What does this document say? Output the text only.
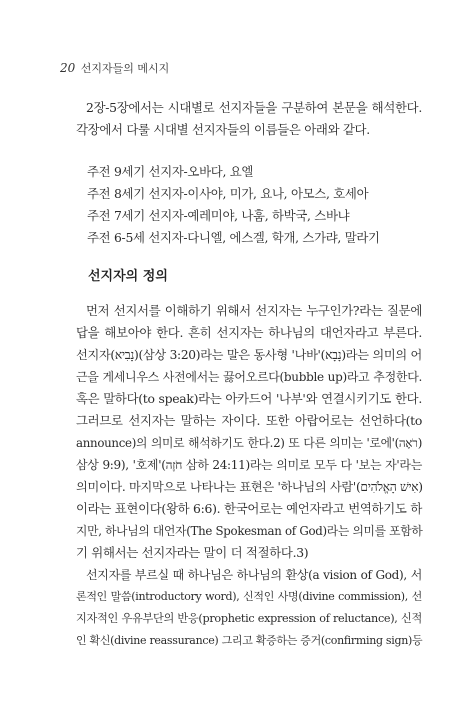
20 선지자들의 메시지
2장-5장에서는 시대별로 선지자들을 구분하여 본문을 해석한다.
각장에서 다룰 시대별 선지자들의 이름들은 아래와 같다.
주전 9세기 선지자-오바다, 요엘
주전 8세기 선지자-이사야, 미가, 요나, 아모스, 호세아
주전 7세기 선지자-예레미야, 나훔, 하박국, 스바냐
주전 6-5세 선지자-다니엘, 에스겔, 학개, 스가랴, 말라기
선지자의 정의
먼저 선지서를 이해하기 위해서 선지자는 누구인가?라는 질문에
답을 해보아야 한다. 흔히 선지자는 하나님의 대언자라고 부른다.
선지자(נָבִיא)(삼상 3:20)라는 말은 동사형 '나바'(נָבָא)라는 의미의 어
근을 게세니우스 사전에서는 끓어오르다(bubble up)라고 추정한다.
혹은 말하다(to speak)라는 아카드어 '나부'와 연결시키기도 한다.
그러므로 선지자는 말하는 자이다. 또한 아랍어로는 선언하다(to
announce)의 의미로 해석하기도 한다.2) 또 다른 의미는 '로에'(רֹאֶה)
삼상 9:9), '호제'(חֹזֶה 삼하 24:11)라는 의미로 모두 다 '보는 자'라는
의미이다. 마지막으로 나타나는 표현은 '하나님의 사람'(אִישׁ הָאֱלֹהִים)
이라는 표현이다(왕하 6:6). 한국어로는 예언자라고 번역하기도 하
지만, 하나님의 대언자(The Spokesman of God)라는 의미를 포함하
기 위해서는 선지자라는 말이 더 적절하다.3)
선지자를 부르실 때 하나님은 하나님의 환상(a vision of God), 서
론적인 말씀(introductory word), 신적인 사명(divine commission), 선
지자적인 우유부단의 반응(prophetic expression of reluctance), 신적
인 확신(divine reassurance) 그리고 확증하는 증거(confirming sign)등
